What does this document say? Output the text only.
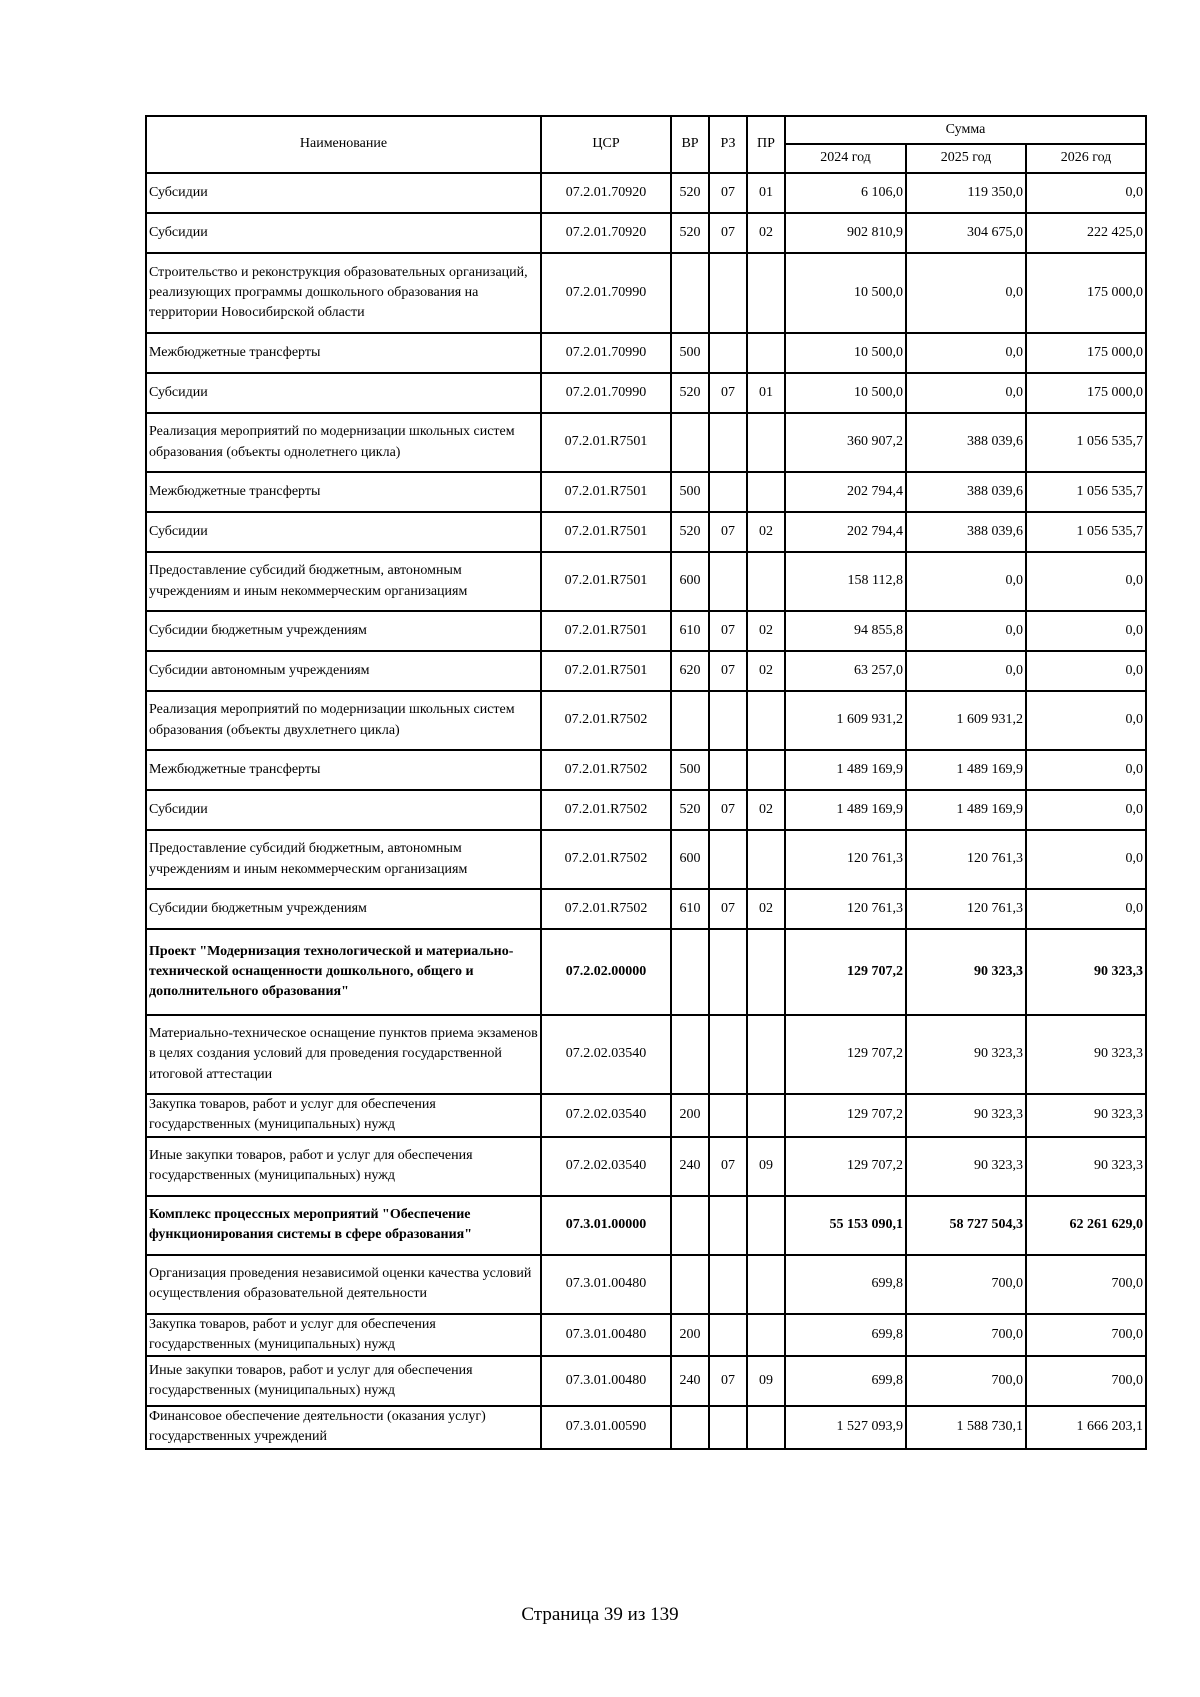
Наименование	ЦСР	ВР	РЗ	ПР	Сумма		
					2024 год	2025 год	2026 год
Субсидии	07.2.01.70920	520	07	01	6 106,0	119 350,0	0,0
Субсидии	07.2.01.70920	520	07	02	902 810,9	304 675,0	222 425,0
Строительство и реконструкция образовательных организаций, реализующих программы дошкольного образования на территории Новосибирской области	07.2.01.70990				10 500,0	0,0	175 000,0
Межбюджетные трансферты	07.2.01.70990	500			10 500,0	0,0	175 000,0
Субсидии	07.2.01.70990	520	07	01	10 500,0	0,0	175 000,0
Реализация мероприятий по модернизации школьных систем образования (объекты однолетнего цикла)	07.2.01.R7501				360 907,2	388 039,6	1 056 535,7
Межбюджетные трансферты	07.2.01.R7501	500			202 794,4	388 039,6	1 056 535,7
Субсидии	07.2.01.R7501	520	07	02	202 794,4	388 039,6	1 056 535,7
Предоставление субсидий бюджетным, автономным учреждениям и иным некоммерческим организациям	07.2.01.R7501	600			158 112,8	0,0	0,0
Субсидии бюджетным учреждениям	07.2.01.R7501	610	07	02	94 855,8	0,0	0,0
Субсидии автономным учреждениям	07.2.01.R7501	620	07	02	63 257,0	0,0	0,0
Реализация мероприятий по модернизации школьных систем образования (объекты двухлетнего цикла)	07.2.01.R7502				1 609 931,2	1 609 931,2	0,0
Межбюджетные трансферты	07.2.01.R7502	500			1 489 169,9	1 489 169,9	0,0
Субсидии	07.2.01.R7502	520	07	02	1 489 169,9	1 489 169,9	0,0
Предоставление субсидий бюджетным, автономным учреждениям и иным некоммерческим организациям	07.2.01.R7502	600			120 761,3	120 761,3	0,0
Субсидии бюджетным учреждениям	07.2.01.R7502	610	07	02	120 761,3	120 761,3	0,0
Проект "Модернизация технологической и материально-технической оснащенности дошкольного, общего и дополнительного образования"	07.2.02.00000				129 707,2	90 323,3	90 323,3
Материально-техническое оснащение пунктов приема экзаменов в целях создания условий для проведения государственной итоговой аттестации	07.2.02.03540				129 707,2	90 323,3	90 323,3
Закупка товаров, работ и услуг для обеспечения государственных (муниципальных) нужд	07.2.02.03540	200			129 707,2	90 323,3	90 323,3
Иные закупки товаров, работ и услуг для обеспечения государственных (муниципальных) нужд	07.2.02.03540	240	07	09	129 707,2	90 323,3	90 323,3
Комплекс процессных мероприятий "Обеспечение функционирования системы в сфере образования"	07.3.01.00000				55 153 090,1	58 727 504,3	62 261 629,0
Организация проведения независимой оценки качества условий осуществления образовательной деятельности	07.3.01.00480				699,8	700,0	700,0
Закупка товаров, работ и услуг для обеспечения государственных (муниципальных) нужд	07.3.01.00480	200			699,8	700,0	700,0
Иные закупки товаров, работ и услуг для обеспечения государственных (муниципальных) нужд	07.3.01.00480	240	07	09	699,8	700,0	700,0
Финансовое обеспечение деятельности (оказания услуг) государственных учреждений	07.3.01.00590				1 527 093,9	1 588 730,1	1 666 203,1
Страница 39 из 139
